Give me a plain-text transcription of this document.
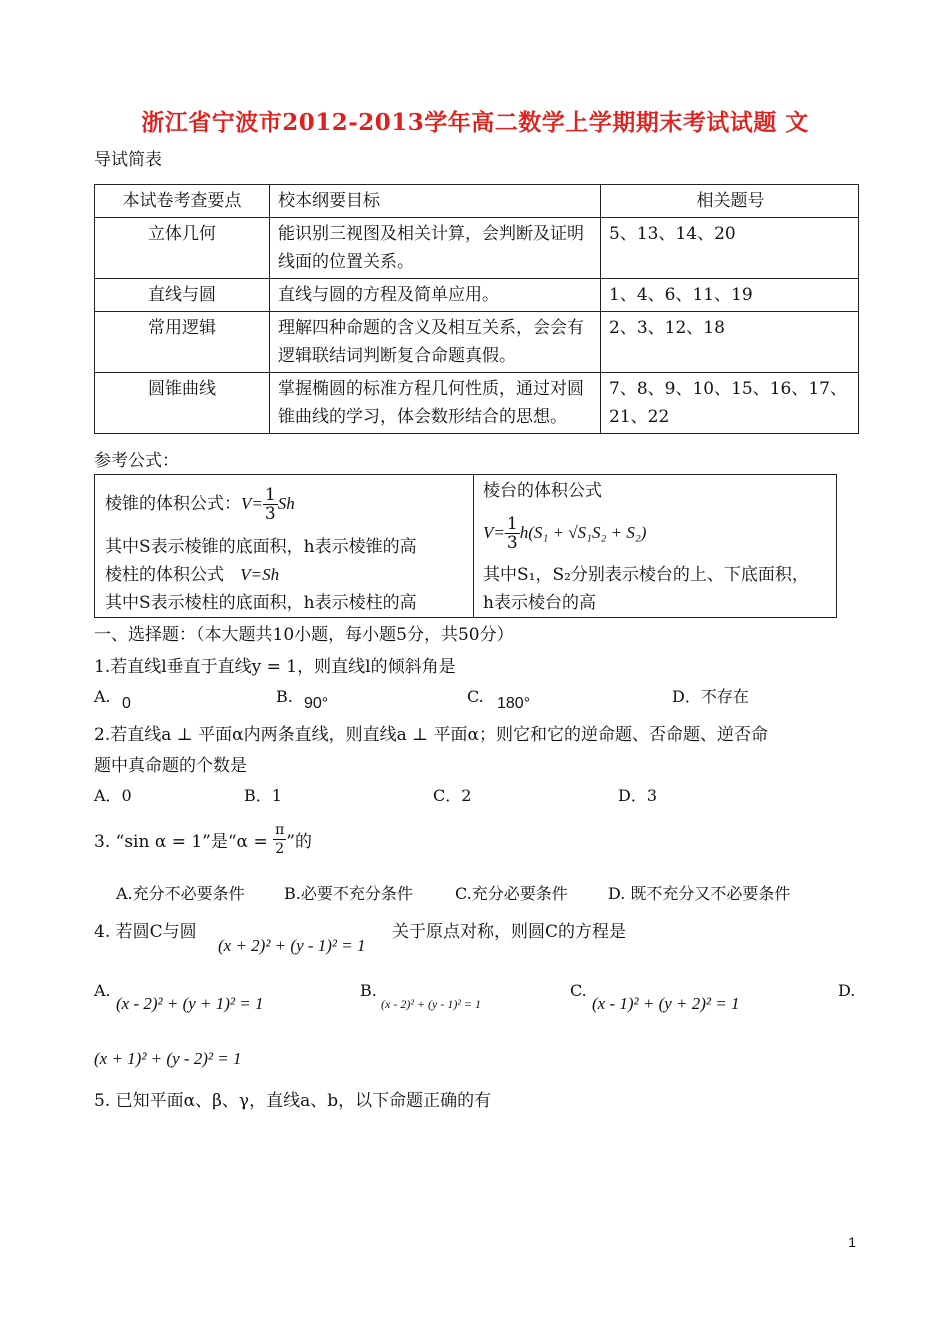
浙江省宁波市2012-2013学年高二数学上学期期末考试试题 文
导试简表
本试卷考查要点	校本纲要目标	相关题号
立体几何	能识别三视图及相关计算，会判断及证明线面的位置关系。	5、13、14、20
直线与圆	直线与圆的方程及简单应用。	1、4、6、11、19
常用逻辑	理解四种命题的含义及相互关系，会会有逻辑联结词判断复合命题真假。	2、3、12、18
圆锥曲线	掌握椭圆的标准方程几何性质，通过对圆锥曲线的学习，体会数形结合的思想。	7、8、9、10、15、16、17、21、22
参考公式：
棱锥的体积公式：$V= \frac{1}{3}$ Sh
其中S表示棱锥的底面积，h表示棱锥的高
棱柱的体积公式 V=Sh
其中S表示棱柱的底面积，h表示棱柱的高
棱台的体积公式
$V= \frac{1}{3} h(S_1 + √S_1S_2 + S_2)$
其中S₁，S₂分别表示棱台的上、下底面积，
h表示棱台的高
一、选择题：（本大题共10小题，每小题5分，共50分）
1.若直线l垂直于直线y = 1，则直线l的倾斜角是
A. 0	B. 90°	C. 180°	D．不存在
2.若直线a ⊥ 平面α内两条直线，则直线a ⊥ 平面α；则它和它的逆命题、否命题、逆否命
题中真命题的个数是
A．0	B．1	C．2	D．3
3. “sin α = 1”是“$\alpha = \frac{\pi}{2}$ ”的
A.充分不必要条件 B.必要不充分条件	C.充分必要条件	D. 既不充分又不必要条件
4. 若圆C与圆
(x + 2)² + (y - 1)² = 1
关于原点对称，则圆C的方程是
A.
(x - 2)² + (y + 1)² = 1
B.
(x - 2)² + (y - 1)² = 1
C.
(x - 1)² + (y + 2)² = 1
D.
(x + 1)² + (y - 2)² = 1
5. 已知平面α、β、γ，直线a、b，以下命题正确的有
1
